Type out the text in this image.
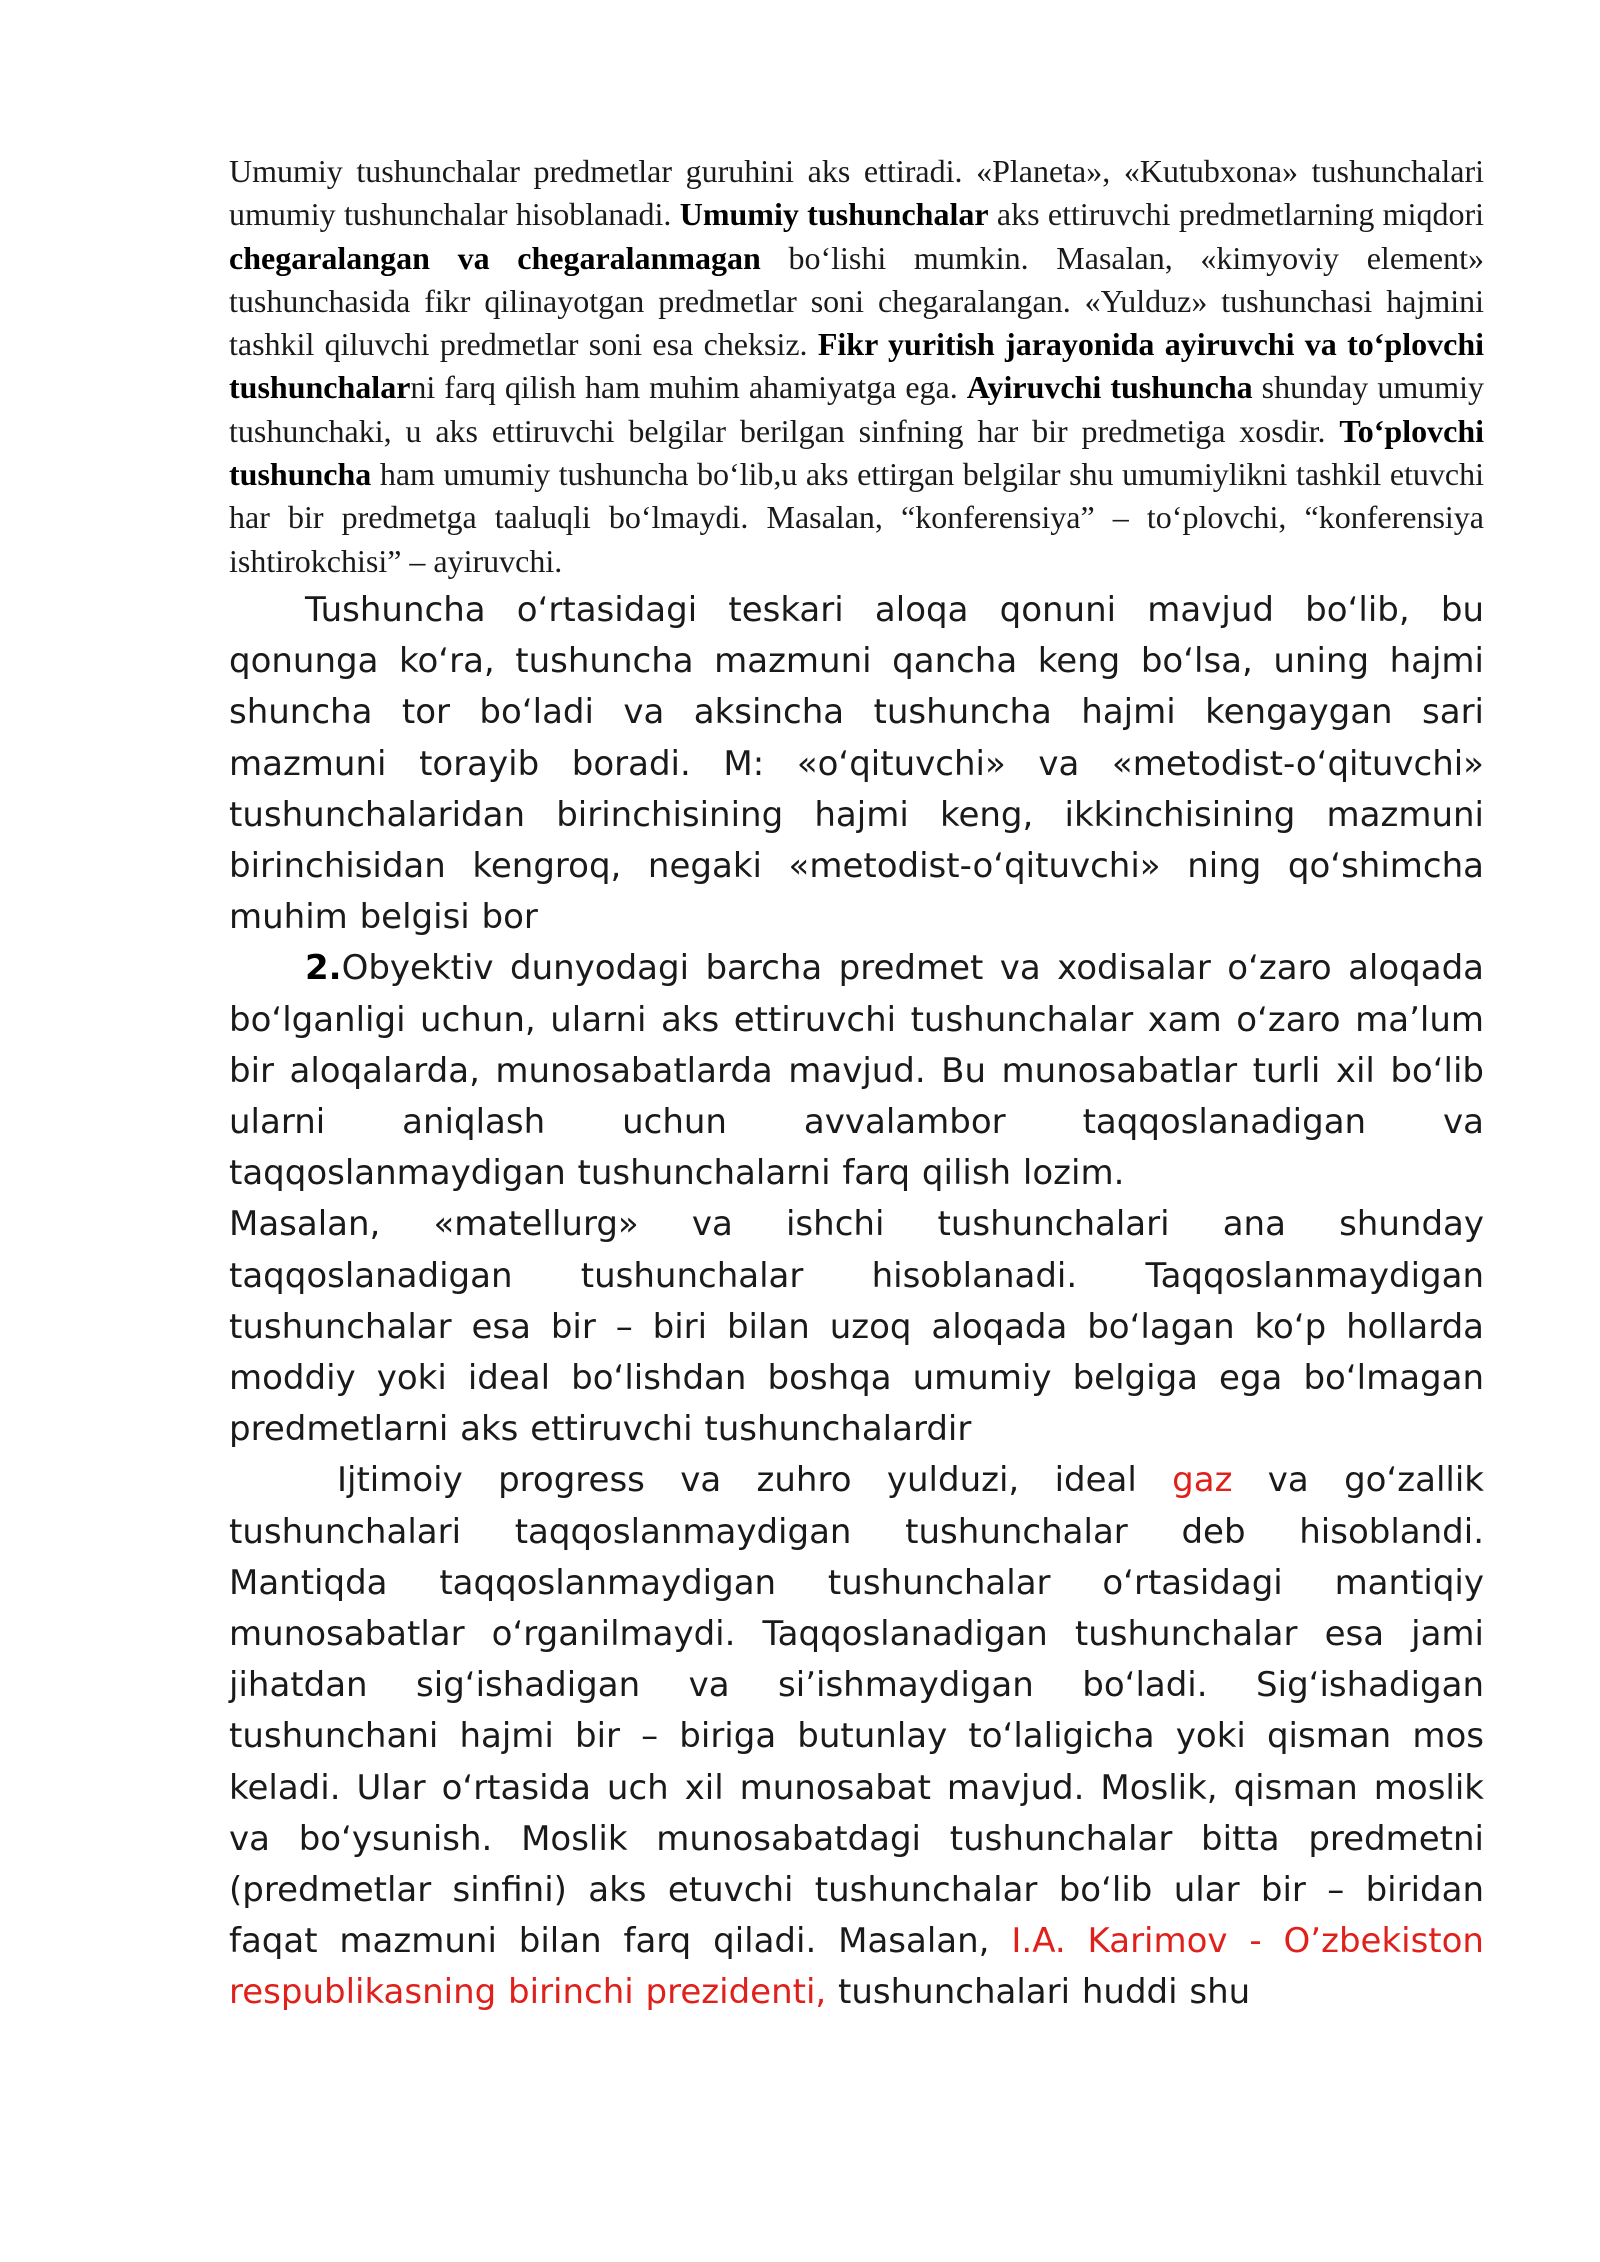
Umumiy tushunchalar predmetlar guruhini aks ettiradi. «Planeta», «Kutubxona» tushunchalari umumiy tushunchalar hisoblanadi. Umumiy tushunchalar aks ettiruvchi predmetlarning miqdori chegaralangan va chegaralanmagan bo‘lishi mumkin. Masalan, «kimyoviy element» tushunchasida fikr qilinayotgan predmetlar soni chegaralangan. «Yulduz» tushunchasi hajmini tashkil qiluvchi predmetlar soni esa cheksiz. Fikr yuritish jarayonida ayiruvchi va to‘plovchi tushunchalarni farq qilish ham muhim ahamiyatga ega. Ayiruvchi tushuncha shunday umumiy tushunchaki, u aks ettiruvchi belgilar berilgan sinfning har bir predmetiga xosdir. To‘plovchi tushuncha ham umumiy tushuncha bo‘lib,u aks ettirgan belgilar shu umumiylikni tashkil etuvchi har bir predmetga taaluqli bo‘lmaydi. Masalan, “konferensiya” – to‘plovchi, “konferensiya ishtirokchisi” – ayiruvchi.

Tushuncha o‘rtasidagi teskari aloqa qonuni mavjud bo‘lib, bu qonunga ko‘ra, tushuncha mazmuni qancha keng bo‘lsa, uning hajmi shuncha tor bo‘ladi va aksincha tushuncha hajmi kengaygan sari mazmuni torayib boradi. M: «o‘qituvchi» va «metodist-o‘qituvchi» tushunchalaridan birinchisining hajmi keng, ikkinchisining mazmuni birinchisidan kengroq, negaki «metodist-o‘qituvchi» ning qo‘shimcha muhim belgisi bor

2.Obyektiv dunyodagi barcha predmet va xodisalar o‘zaro aloqada bo‘lganligi uchun, ularni aks ettiruvchi tushunchalar xam o‘zaro ma’lum bir aloqalarda, munosabatlarda mavjud. Bu munosabatlar turli xil bo‘lib ularni aniqlash uchun avvalambor taqqoslanadigan va taqqoslanmaydigan tushunchalarni farq qilish lozim.

Masalan, «matellurg» va ishchi tushunchalari ana shunday taqqoslanadigan tushunchalar hisoblanadi. Taqqoslanmaydigan tushunchalar esa bir – biri bilan uzoq aloqada bo‘lagan ko‘p hollarda moddiy yoki ideal bo‘lishdan boshqa umumiy belgiga ega bo‘lmagan predmetlarni aks ettiruvchi tushunchalardir

Ijtimoiy progress va zuhro yulduzi, ideal gaz va go‘zallik tushunchalari taqqoslanmaydigan tushunchalar deb hisoblandi. Mantiqda taqqoslanmaydigan tushunchalar o‘rtasidagi mantiqiy munosabatlar o‘rganilmaydi. Taqqoslanadigan tushunchalar esa jami jihatdan sig‘ishadigan va si’ishmaydigan bo‘ladi. Sig‘ishadigan tushunchani hajmi bir – biriga butunlay to‘laligicha yoki qisman mos keladi. Ular o‘rtasida uch xil munosabat mavjud. Moslik, qisman moslik va bo‘ysunish. Moslik munosabatdagi tushunchalar bitta predmetni (predmetlar sinfini) aks etuvchi tushunchalar bo‘lib ular bir – biridan faqat mazmuni bilan farq qiladi. Masalan, I.A. Karimov - O’zbekiston respublikasning birinchi prezidenti, tushunchalari huddi shu
